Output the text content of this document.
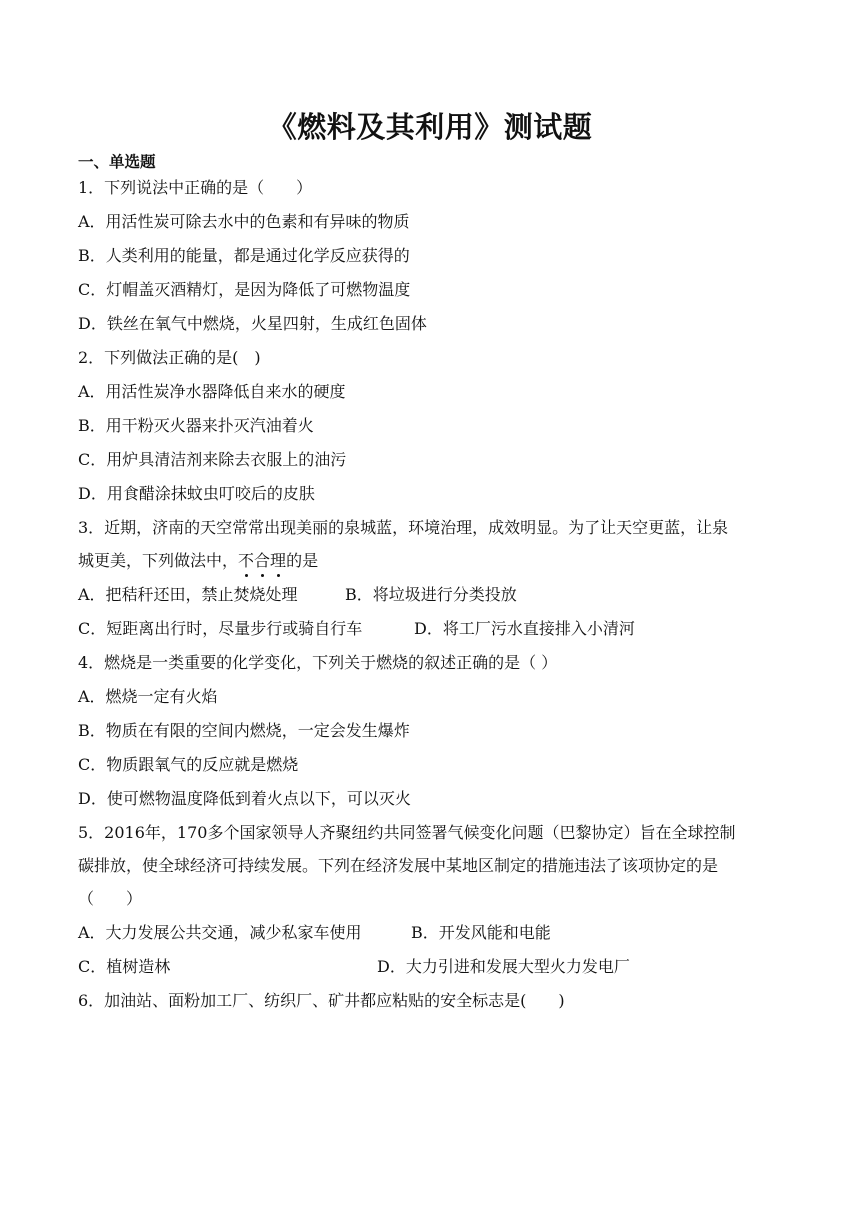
《燃料及其利用》测试题
一、单选题
1．下列说法中正确的是（　　）
A．用活性炭可除去水中的色素和有异味的物质
B．人类利用的能量，都是通过化学反应获得的
C．灯帽盖灭酒精灯，是因为降低了可燃物温度
D．铁丝在氧气中燃烧，火星四射，生成红色固体
2．下列做法正确的是(　)
A．用活性炭净水器降低自来水的硬度
B．用干粉灭火器来扑灭汽油着火
C．用炉具清洁剂来除去衣服上的油污
D．用食醋涂抹蚊虫叮咬后的皮肤
3．近期，济南的天空常常出现美丽的泉城蓝，环境治理，成效明显。为了让天空更蓝，让泉
城更美，下列做法中，不合理的是
A．把秸秆还田，禁止焚烧处理	B．将垃圾进行分类投放
C．短距离出行时，尽量步行或骑自行车	D．将工厂污水直接排入小清河
4．燃烧是一类重要的化学变化，下列关于燃烧的叙述正确的是（ ）
A．燃烧一定有火焰
B．物质在有限的空间内燃烧，一定会发生爆炸
C．物质跟氧气的反应就是燃烧
D．使可燃物温度降低到着火点以下，可以灭火
5．2016年，170多个国家领导人齐聚纽约共同签署气候变化问题（巴黎协定）旨在全球控制
碳排放，使全球经济可持续发展。下列在经济发展中某地区制定的措施违法了该项协定的是
（　　）
A．大力发展公共交通，减少私家车使用	B．开发风能和电能
C．植树造林	D．大力引进和发展大型火力发电厂
6．加油站、面粉加工厂、纺织厂、矿井都应粘贴的安全标志是(　　)
